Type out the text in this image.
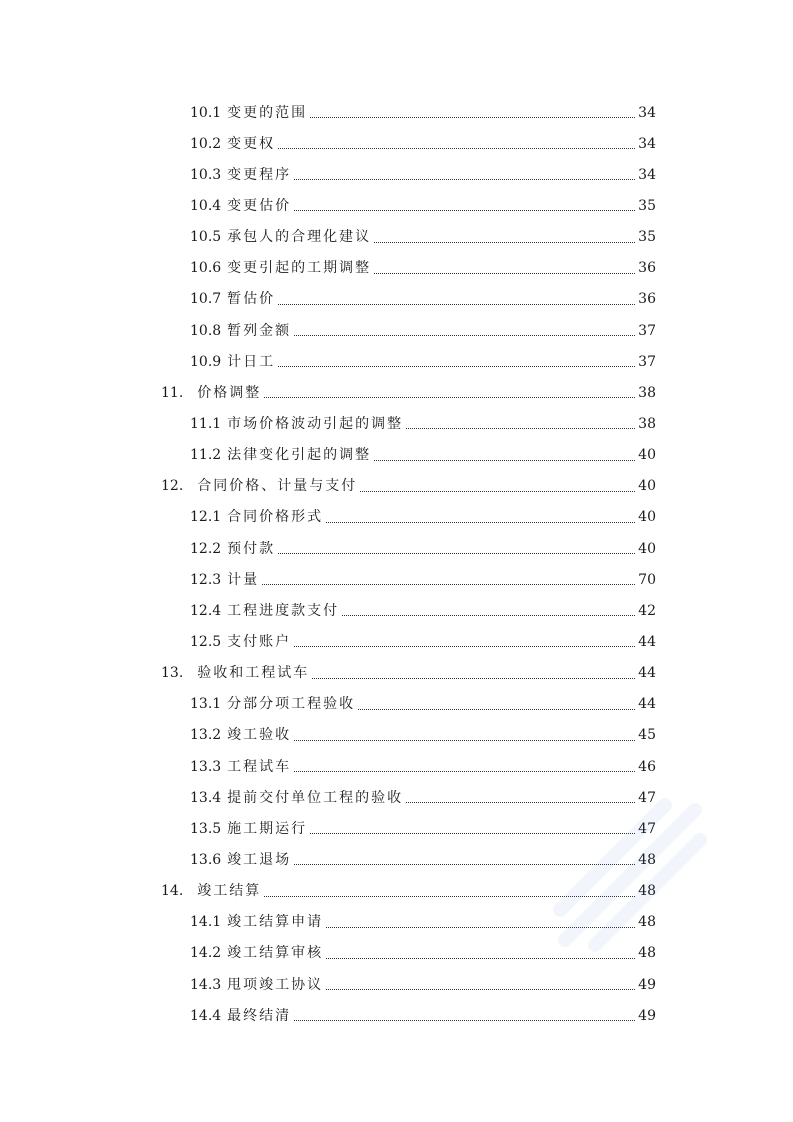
10.1 变更的范围	34
10.2 变更权	34
10.3 变更程序	34
10.4 变更估价	35
10.5 承包人的合理化建议	35
10.6 变更引起的工期调整	36
10.7 暂估价	36
10.8 暂列金额	37
10.9 计日工	37
11. 价格调整	38
11.1 市场价格波动引起的调整	38
11.2 法律变化引起的调整	40
12. 合同价格、计量与支付	40
12.1 合同价格形式	40
12.2 预付款	40
12.3 计量	70
12.4 工程进度款支付	42
12.5 支付账户	44
13. 验收和工程试车	44
13.1 分部分项工程验收	44
13.2 竣工验收	45
13.3 工程试车	46
13.4 提前交付单位工程的验收	47
13.5 施工期运行	47
13.6 竣工退场	48
14. 竣工结算	48
14.1 竣工结算申请	48
14.2 竣工结算审核	48
14.3 甩项竣工协议	49
14.4 最终结清	49
